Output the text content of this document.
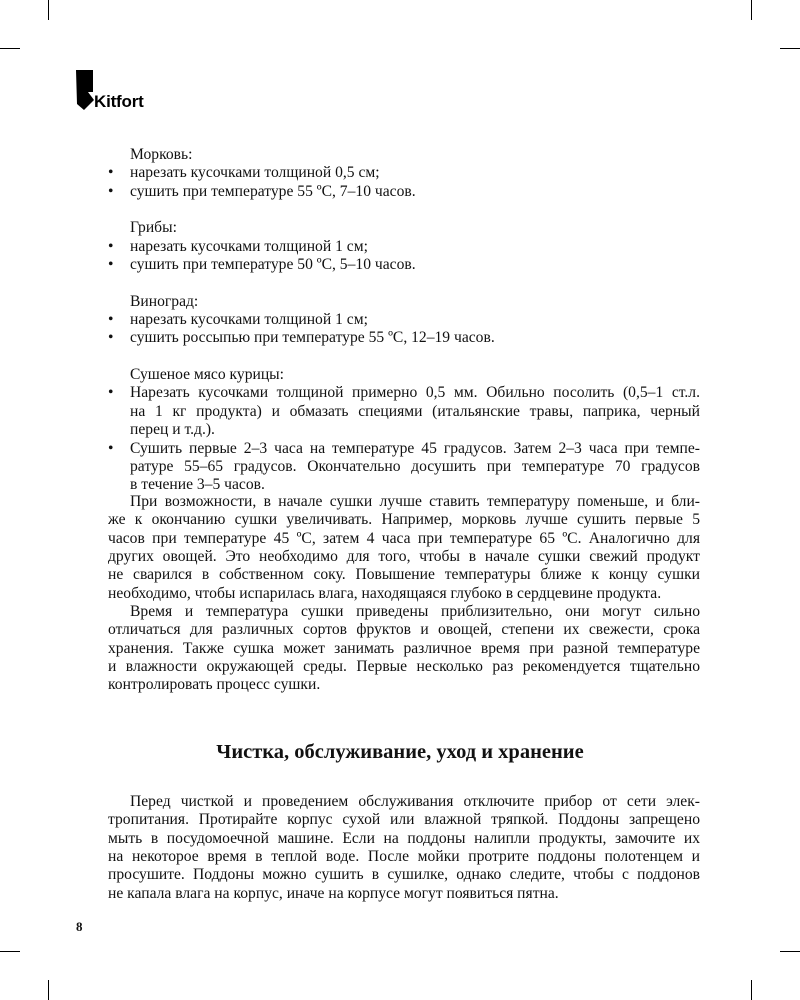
Kitfort
Морковь:
• нарезать кусочками толщиной 0,5 см;
• сушить при температуре 55 ºС, 7–10 часов.
Грибы:
• нарезать кусочками толщиной 1 см;
• сушить при температуре 50 ºС, 5–10 часов.
Виноград:
• нарезать кусочками толщиной 1 см;
• сушить россыпью при температуре 55 ºС, 12–19 часов.
Сушеное мясо курицы:
• Нарезать кусочками толщиной примерно 0,5 мм. Обильно посолить (0,5–1 ст.л.
на 1 кг продукта) и обмазать специями (итальянские травы, паприка, черный
перец и т.д.).
• Сушить первые 2–3 часа на температуре 45 градусов. Затем 2–3 часа при темпе-
ратуре 55–65 градусов. Окончательно досушить при температуре 70 градусов
в течение 3–5 часов.
При возможности, в начале сушки лучше ставить температуру поменьше, и бли-
же к окончанию сушки увеличивать. Например, морковь лучше сушить первые 5
часов при температуре 45 ºС, затем 4 часа при температуре 65 ºС. Аналогично для
других овощей. Это необходимо для того, чтобы в начале сушки свежий продукт
не сварился в собственном соку. Повышение температуры ближе к концу сушки
необходимо, чтобы испарилась влага, находящаяся глубоко в сердцевине продукта.
Время и температура сушки приведены приблизительно, они могут сильно
отличаться для различных сортов фруктов и овощей, степени их свежести, срока
хранения. Также сушка может занимать различное время при разной температуре
и влажности окружающей среды. Первые несколько раз рекомендуется тщательно
контролировать процесс сушки.
Чистка, обслуживание, уход и хранение
Перед чисткой и проведением обслуживания отключите прибор от сети элек-
тропитания. Протирайте корпус сухой или влажной тряпкой. Поддоны запрещено
мыть в посудомоечной машине. Если на поддоны налипли продукты, замочите их
на некоторое время в теплой воде. После мойки протрите поддоны полотенцем и
просушите. Поддоны можно сушить в сушилке, однако следите, чтобы с поддонов
не капала влага на корпус, иначе на корпусе могут появиться пятна.
8
